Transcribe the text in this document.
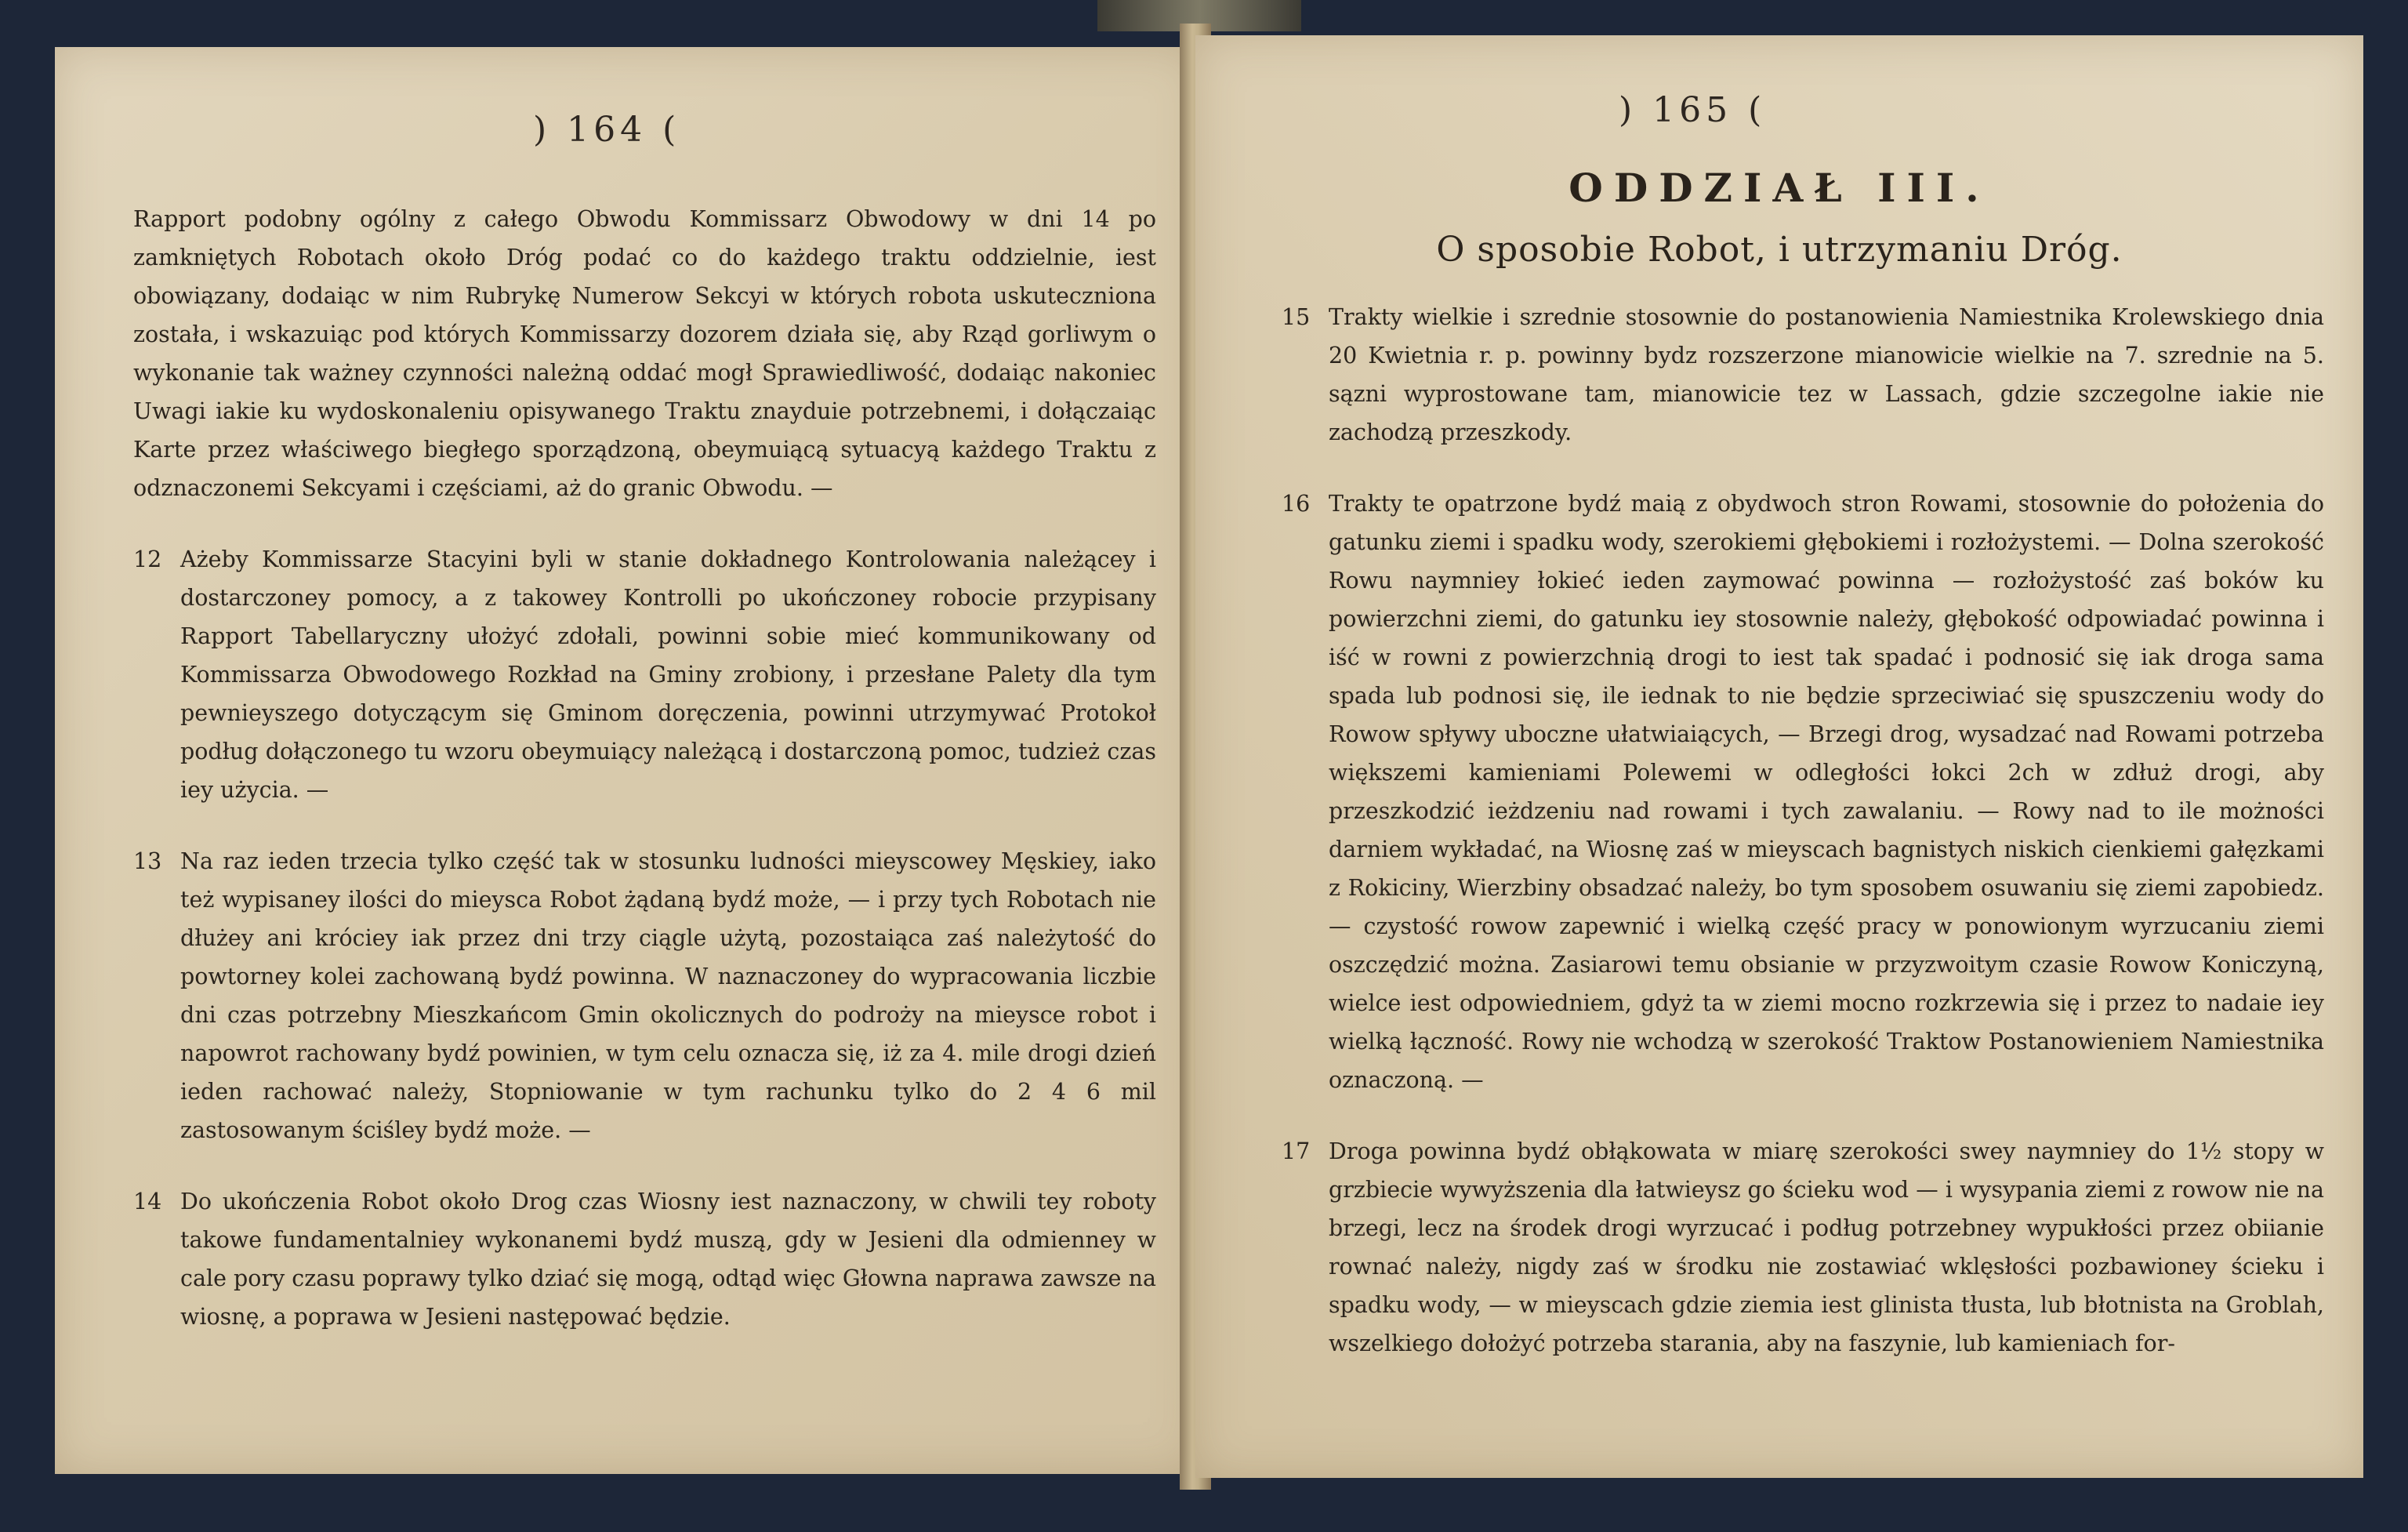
) 164 (
Rapport podobny ogólny z całego Obwodu Kommissarz Obwodowy w dni 14 po zamkniętych Robotach około Dróg podać co do każdego traktu oddzielnie, iest obowiązany, dodaiąc w nim Rubrykę Numerow Sekcyi w których robota uskuteczniona została, i wskazuiąc pod których Kommissarzy dozorem działa się, aby Rząd gorliwym o wykonanie tak ważney czynności należną oddać mogł Sprawiedliwość, dodaiąc nakoniec Uwagi iakie ku wydoskonaleniu opisywanego Traktu znayduie potrzebnemi, i dołączaiąc Karte przez właściwego biegłego sporządzoną, obeymuiącą sytuacyą każdego Traktu z odznaczonemi Sekcyami i częściami, aż do granic Obwodu. —
12 Ażeby Kommissarze Stacyini byli w stanie dokładnego Kontrolowania należącey i dostarczoney pomocy, a z takowey Kontrolli po ukończoney robocie przypisany Rapport Tabellaryczny ułożyć zdołali, powinni sobie mieć kommunikowany od Kommissarza Obwodowego Rozkład na Gminy zrobiony, i przesłane Palety dla tym pewnieyszego dotyczącym się Gminom doręczenia, powinni utrzymywać Protokoł podług dołączonego tu wzoru obeymuiący należącą i dostarczoną pomoc, tudzież czas iey użycia. —
13 Na raz ieden trzecia tylko część tak w stosunku ludności mieyscowey Męskiey, iako też wypisaney ilości do mieysca Robot żądaną bydź może, — i przy tych Robotach nie dłużey ani króciey iak przez dni trzy ciągle użytą, pozostaiąca zaś należytość do powtorney kolei zachowaną bydź powinna. W naznaczoney do wypracowania liczbie dni czas potrzebny Mieszkańcom Gmin okolicznych do podroży na mieysce robot i napowrot rachowany bydź powinien, w tym celu oznacza się, iż za 4. mile drogi dzień ieden rachować należy, Stopniowanie w tym rachunku tylko do 2 4 6 mil zastosowanym ściśley bydź może. —
14 Do ukończenia Robot około Drog czas Wiosny iest naznaczony, w chwili tey roboty takowe fundamentalniey wykonanemi bydź muszą, gdy w Jesieni dla odmienney w cale pory czasu poprawy tylko dziać się mogą, odtąd więc Głowna naprawa zawsze na wiosnę, a poprawa w Jesieni następować będzie.
) 165 (
ODDZIAŁ III.
O sposobie Robot, i utrzymaniu Dróg.
15 Trakty wielkie i szrednie stosownie do postanowienia Namiestnika Krolewskiego dnia 20 Kwietnia r. p. powinny bydz rozszerzone mianowicie wielkie na 7. szrednie na 5. sązni wyprostowane tam, mianowicie tez w Lassach, gdzie szczegolne iakie nie zachodzą przeszkody.
16 Trakty te opatrzone bydź maią z obydwoch stron Rowami, stosownie do położenia do gatunku ziemi i spadku wody, szerokiemi głębokiemi i rozłożystemi. — Dolna szerokość Rowu naymniey łokieć ieden zaymować powinna — rozłożystość zaś boków ku powierzchni ziemi, do gatunku iey stosownie należy, głębokość odpowiadać powinna i iść w rowni z powierzchnią drogi to iest tak spadać i podnosić się iak droga sama spada lub podnosi się, ile iednak to nie będzie sprzeciwiać się spuszczeniu wody do Rowow spływy uboczne ułatwiaiących, — Brzegi drog, wysadzać nad Rowami potrzeba większemi kamieniami Polewemi w odległości łokci 2ch w zdłuż drogi, aby przeszkodzić ieżdzeniu nad rowami i tych zawalaniu. — Rowy nad to ile możności darniem wykładać, na Wiosnę zaś w mieyscach bagnistych niskich cienkiemi gałęzkami z Rokiciny, Wierzbiny obsadzać należy, bo tym sposobem osuwaniu się ziemi zapobiedz. — czystość rowow zapewnić i wielką część pracy w ponowionym wyrzucaniu ziemi oszczędzić można. Zasiarowi temu obsianie w przyzwoitym czasie Rowow Koniczyną, wielce iest odpowiedniem, gdyż ta w ziemi mocno rozkrzewia się i przez to nadaie iey wielką łączność. Rowy nie wchodzą w szerokość Traktow Postanowieniem Namiestnika oznaczoną. —
17 Droga powinna bydź obłąkowata w miarę szerokości swey naymniey do 1½ stopy w grzbiecie wywyższenia dla łatwieysz go ścieku wod — i wysypania ziemi z rowow nie na brzegi, lecz na środek drogi wyrzucać i podług potrzebney wypukłości przez obiianie rownać należy, nigdy zaś w środku nie zostawiać wklęsłości pozbawioney ścieku i spadku wody, — w mieyscach gdzie ziemia iest glinista tłusta, lub błotnista na Groblah, wszelkiego dołożyć potrzeba starania, aby na faszynie, lub kamieniach for-
